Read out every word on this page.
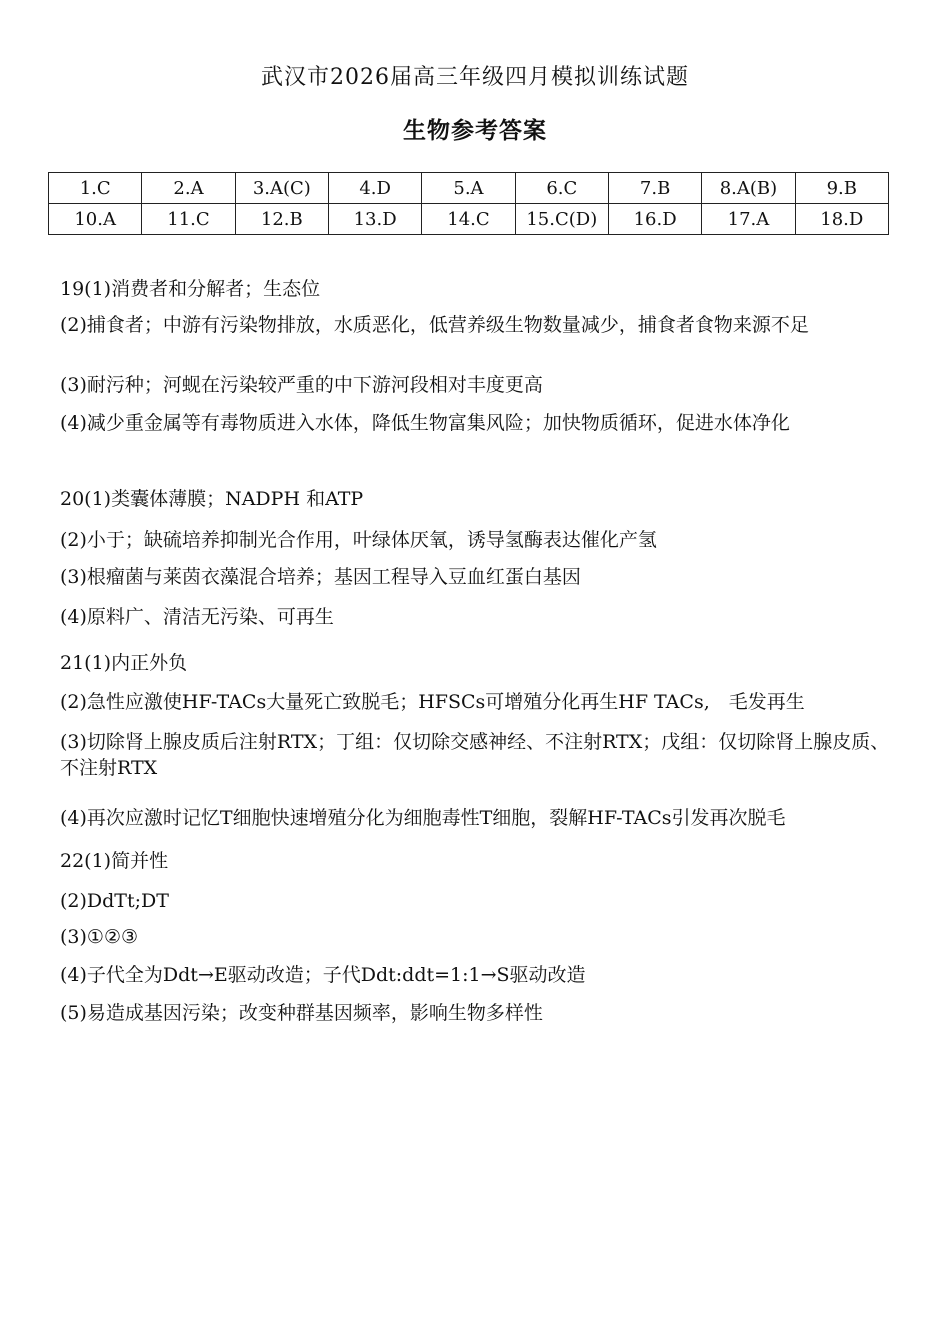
武汉市2026届高三年级四月模拟训练试题
生物参考答案
1.C	2.A	3.A(C)	4.D	5.A	6.C	7.B	8.A(B)	9.B
10.A	11.C	12.B	13.D	14.C	15.C(D)	16.D	17.A	18.D

19(1)消费者和分解者；生态位

(2)捕食者；中游有污染物排放，水质恶化，低营养级生物数量减少，捕食者食物来源不足

(3)耐污种；河蚬在污染较严重的中下游河段相对丰度更高

(4)减少重金属等有毒物质进入水体，降低生物富集风险；加快物质循环，促进水体净化

20(1)类囊体薄膜；NADPH 和ATP

(2)小于；缺硫培养抑制光合作用，叶绿体厌氧，诱导氢酶表达催化产氢

(3)根瘤菌与莱茵衣藻混合培养；基因工程导入豆血红蛋白基因

(4)原料广、清洁无污染、可再生

21(1)内正外负

(2)急性应激使HF-TACs大量死亡致脱毛；HFSCs可增殖分化再生HF TACs,　毛发再生

(3)切除肾上腺皮质后注射RTX；丁组：仅切除交感神经、不注射RTX；戊组：仅切除肾上腺皮质、不注射RTX

(4)再次应激时记忆T细胞快速增殖分化为细胞毒性T细胞，裂解HF-TACs引发再次脱毛

22(1)简并性

(2)DdTt;DT

(3)①②③

(4)子代全为Ddt→E驱动改造；子代Ddt:ddt=1:1→S驱动改造

(5)易造成基因污染；改变种群基因频率，影响生物多样性
